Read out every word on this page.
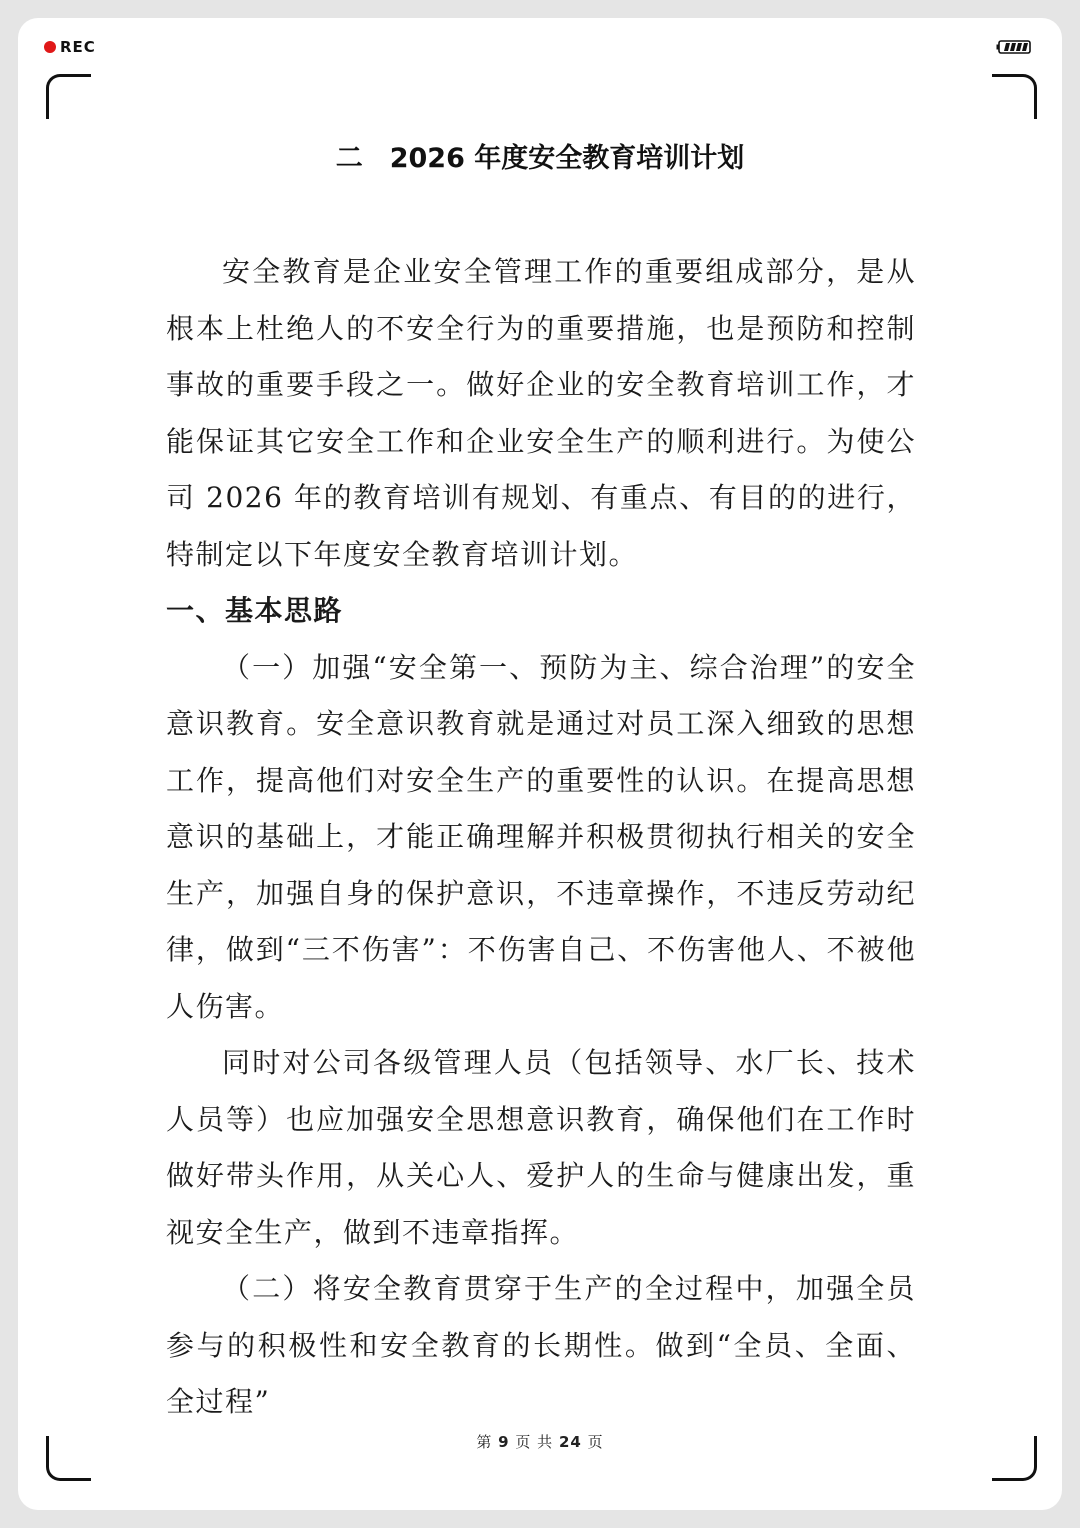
REC
二　2026 年度安全教育培训计划

安全教育是企业安全管理工作的重要组成部分，是从根本上杜绝人的不安全行为的重要措施，也是预防和控制事故的重要手段之一。做好企业的安全教育培训工作，才能保证其它安全工作和企业安全生产的顺利进行。为使公司 2026 年的教育培训有规划、有重点、有目的的进行，特制定以下年度安全教育培训计划。

一、基本思路

（一）加强“安全第一、预防为主、综合治理”的安全意识教育。安全意识教育就是通过对员工深入细致的思想工作，提高他们对安全生产的重要性的认识。在提高思想意识的基础上，才能正确理解并积极贯彻执行相关的安全生产，加强自身的保护意识，不违章操作，不违反劳动纪律，做到“三不伤害”：不伤害自己、不伤害他人、不被他人伤害。

同时对公司各级管理人员（包括领导、水厂长、技术人员等）也应加强安全思想意识教育，确保他们在工作时做好带头作用，从关心人、爱护人的生命与健康出发，重视安全生产，做到不违章指挥。

（二）将安全教育贯穿于生产的全过程中，加强全员参与的积极性和安全教育的长期性。做到“全员、全面、全过程”

第 9 页 共 24 页
